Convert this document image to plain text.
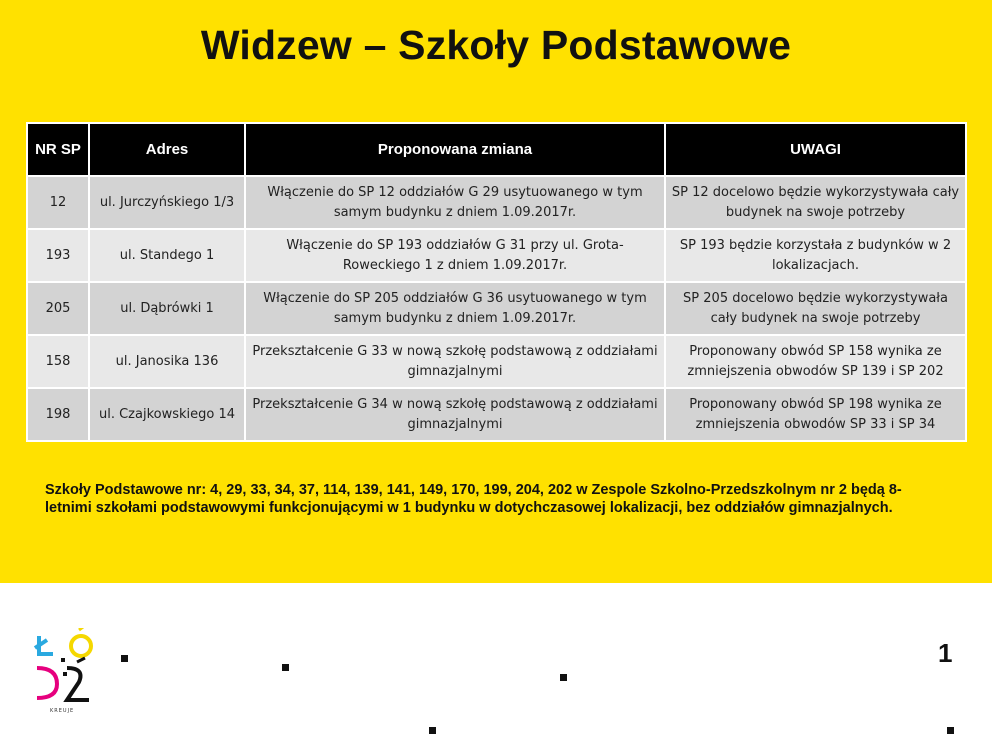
Widzew – Szkoły Podstawowe
NR SP	Adres	Proponowana zmiana	UWAGI
12	ul. Jurczyńskiego 1/3	Włączenie do SP 12 oddziałów G 29 usytuowanego w tym samym budynku z dniem 1.09.2017r.	SP 12 docelowo będzie wykorzystywała cały budynek na swoje potrzeby
193	ul. Standego 1	Włączenie do SP 193 oddziałów G 31 przy ul. Grota-Roweckiego 1 z dniem 1.09.2017r.	SP 193 będzie korzystała z budynków w 2 lokalizacjach.
205	ul. Dąbrówki 1	Włączenie do SP 205 oddziałów G 36 usytuowanego w tym samym budynku z dniem 1.09.2017r.	SP 205 docelowo będzie wykorzystywała cały budynek na swoje potrzeby
158	ul. Janosika 136	Przekształcenie G 33 w nową szkołę podstawową z oddziałami gimnazjalnymi	Proponowany obwód SP 158 wynika ze zmniejszenia obwodów SP 139 i SP 202
198	ul. Czajkowskiego 14	Przekształcenie G 34 w nową szkołę podstawową z oddziałami gimnazjalnymi	Proponowany obwód SP 198 wynika ze zmniejszenia obwodów SP 33 i SP 34
Szkoły Podstawowe nr: 4, 29, 33, 34, 37, 114, 139, 141, 149, 170, 199, 204, 202 w Zespole Szkolno-Przedszkolnym nr 2 będą 8-letnimi szkołami podstawowymi funkcjonującymi w 1 budynku w dotychczasowej lokalizacji, bez oddziałów gimnazjalnych.
KREUJE
1
